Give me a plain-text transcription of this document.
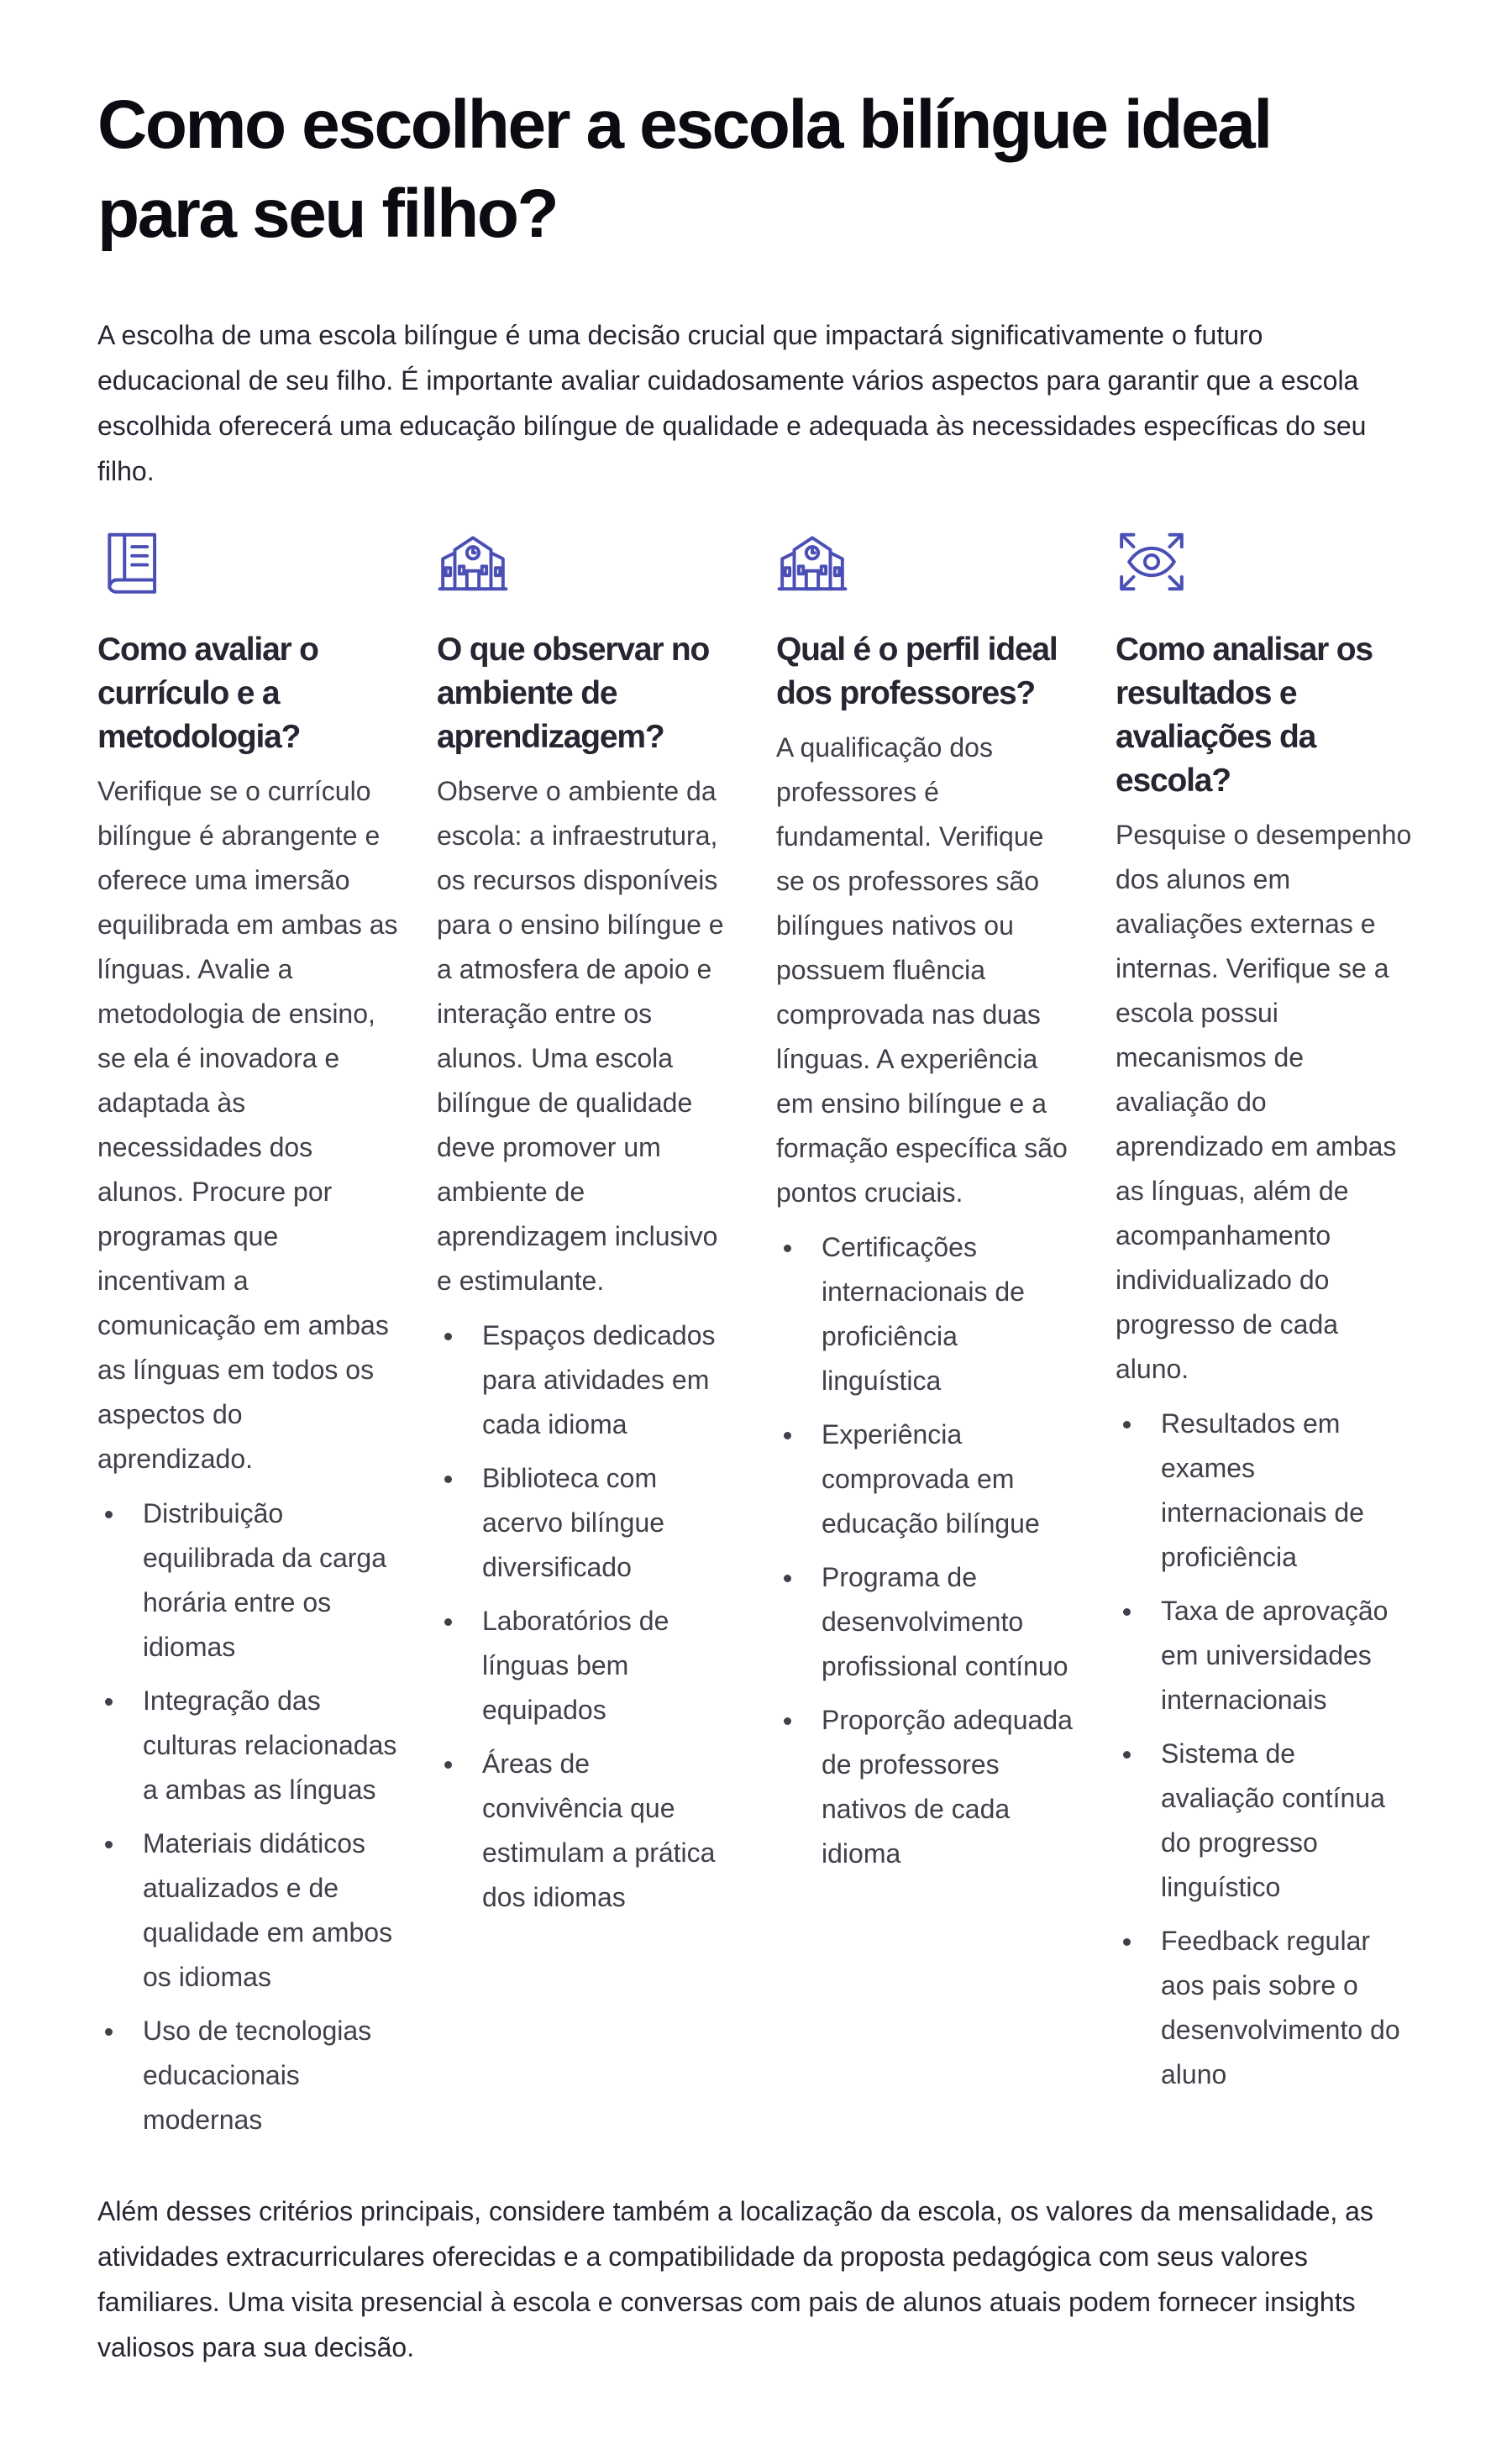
Como escolher a escola bilíngue ideal para seu filho?

A escolha de uma escola bilíngue é uma decisão crucial que impactará significativamente o futuro educacional de seu filho. É importante avaliar cuidadosamente vários aspectos para garantir que a escola escolhida oferecerá uma educação bilíngue de qualidade e adequada às necessidades específicas do seu filho.

Como avaliar o currículo e a metodologia?

Verifique se o currículo bilíngue é abrangente e oferece uma imersão equilibrada em ambas as línguas. Avalie a metodologia de ensino, se ela é inovadora e adaptada às necessidades dos alunos. Procure por programas que incentivam a comunicação em ambas as línguas em todos os aspectos do aprendizado.

Distribuição equilibrada da carga horária entre os idiomas
Integração das culturas relacionadas a ambas as línguas
Materiais didáticos atualizados e de qualidade em ambos os idiomas
Uso de tecnologias educacionais modernas
O que observar no ambiente de aprendizagem?

Observe o ambiente da escola: a infraestrutura, os recursos disponíveis para o ensino bilíngue e a atmosfera de apoio e interação entre os alunos. Uma escola bilíngue de qualidade deve promover um ambiente de aprendizagem inclusivo e estimulante.

Espaços dedicados para atividades em cada idioma
Biblioteca com acervo bilíngue diversificado
Laboratórios de línguas bem equipados
Áreas de convivência que estimulam a prática dos idiomas
Qual é o perfil ideal dos professores?

A qualificação dos professores é fundamental. Verifique se os professores são bilíngues nativos ou possuem fluência comprovada nas duas línguas. A experiência em ensino bilíngue e a formação específica são pontos cruciais.

Certificações internacionais de proficiência linguística
Experiência comprovada em educação bilíngue
Programa de desenvolvimento profissional contínuo
Proporção adequada de professores nativos de cada idioma
Como analisar os resultados e avaliações da escola?

Pesquise o desempenho dos alunos em avaliações externas e internas. Verifique se a escola possui mecanismos de avaliação do aprendizado em ambas as línguas, além de acompanhamento individualizado do progresso de cada aluno.

Resultados em exames internacionais de proficiência
Taxa de aprovação em universidades internacionais
Sistema de avaliação contínua do progresso linguístico
Feedback regular aos pais sobre o desenvolvimento do aluno

Além desses critérios principais, considere também a localização da escola, os valores da mensalidade, as atividades extracurriculares oferecidas e a compatibilidade da proposta pedagógica com seus valores familiares. Uma visita presencial à escola e conversas com pais de alunos atuais podem fornecer insights valiosos para sua decisão.
